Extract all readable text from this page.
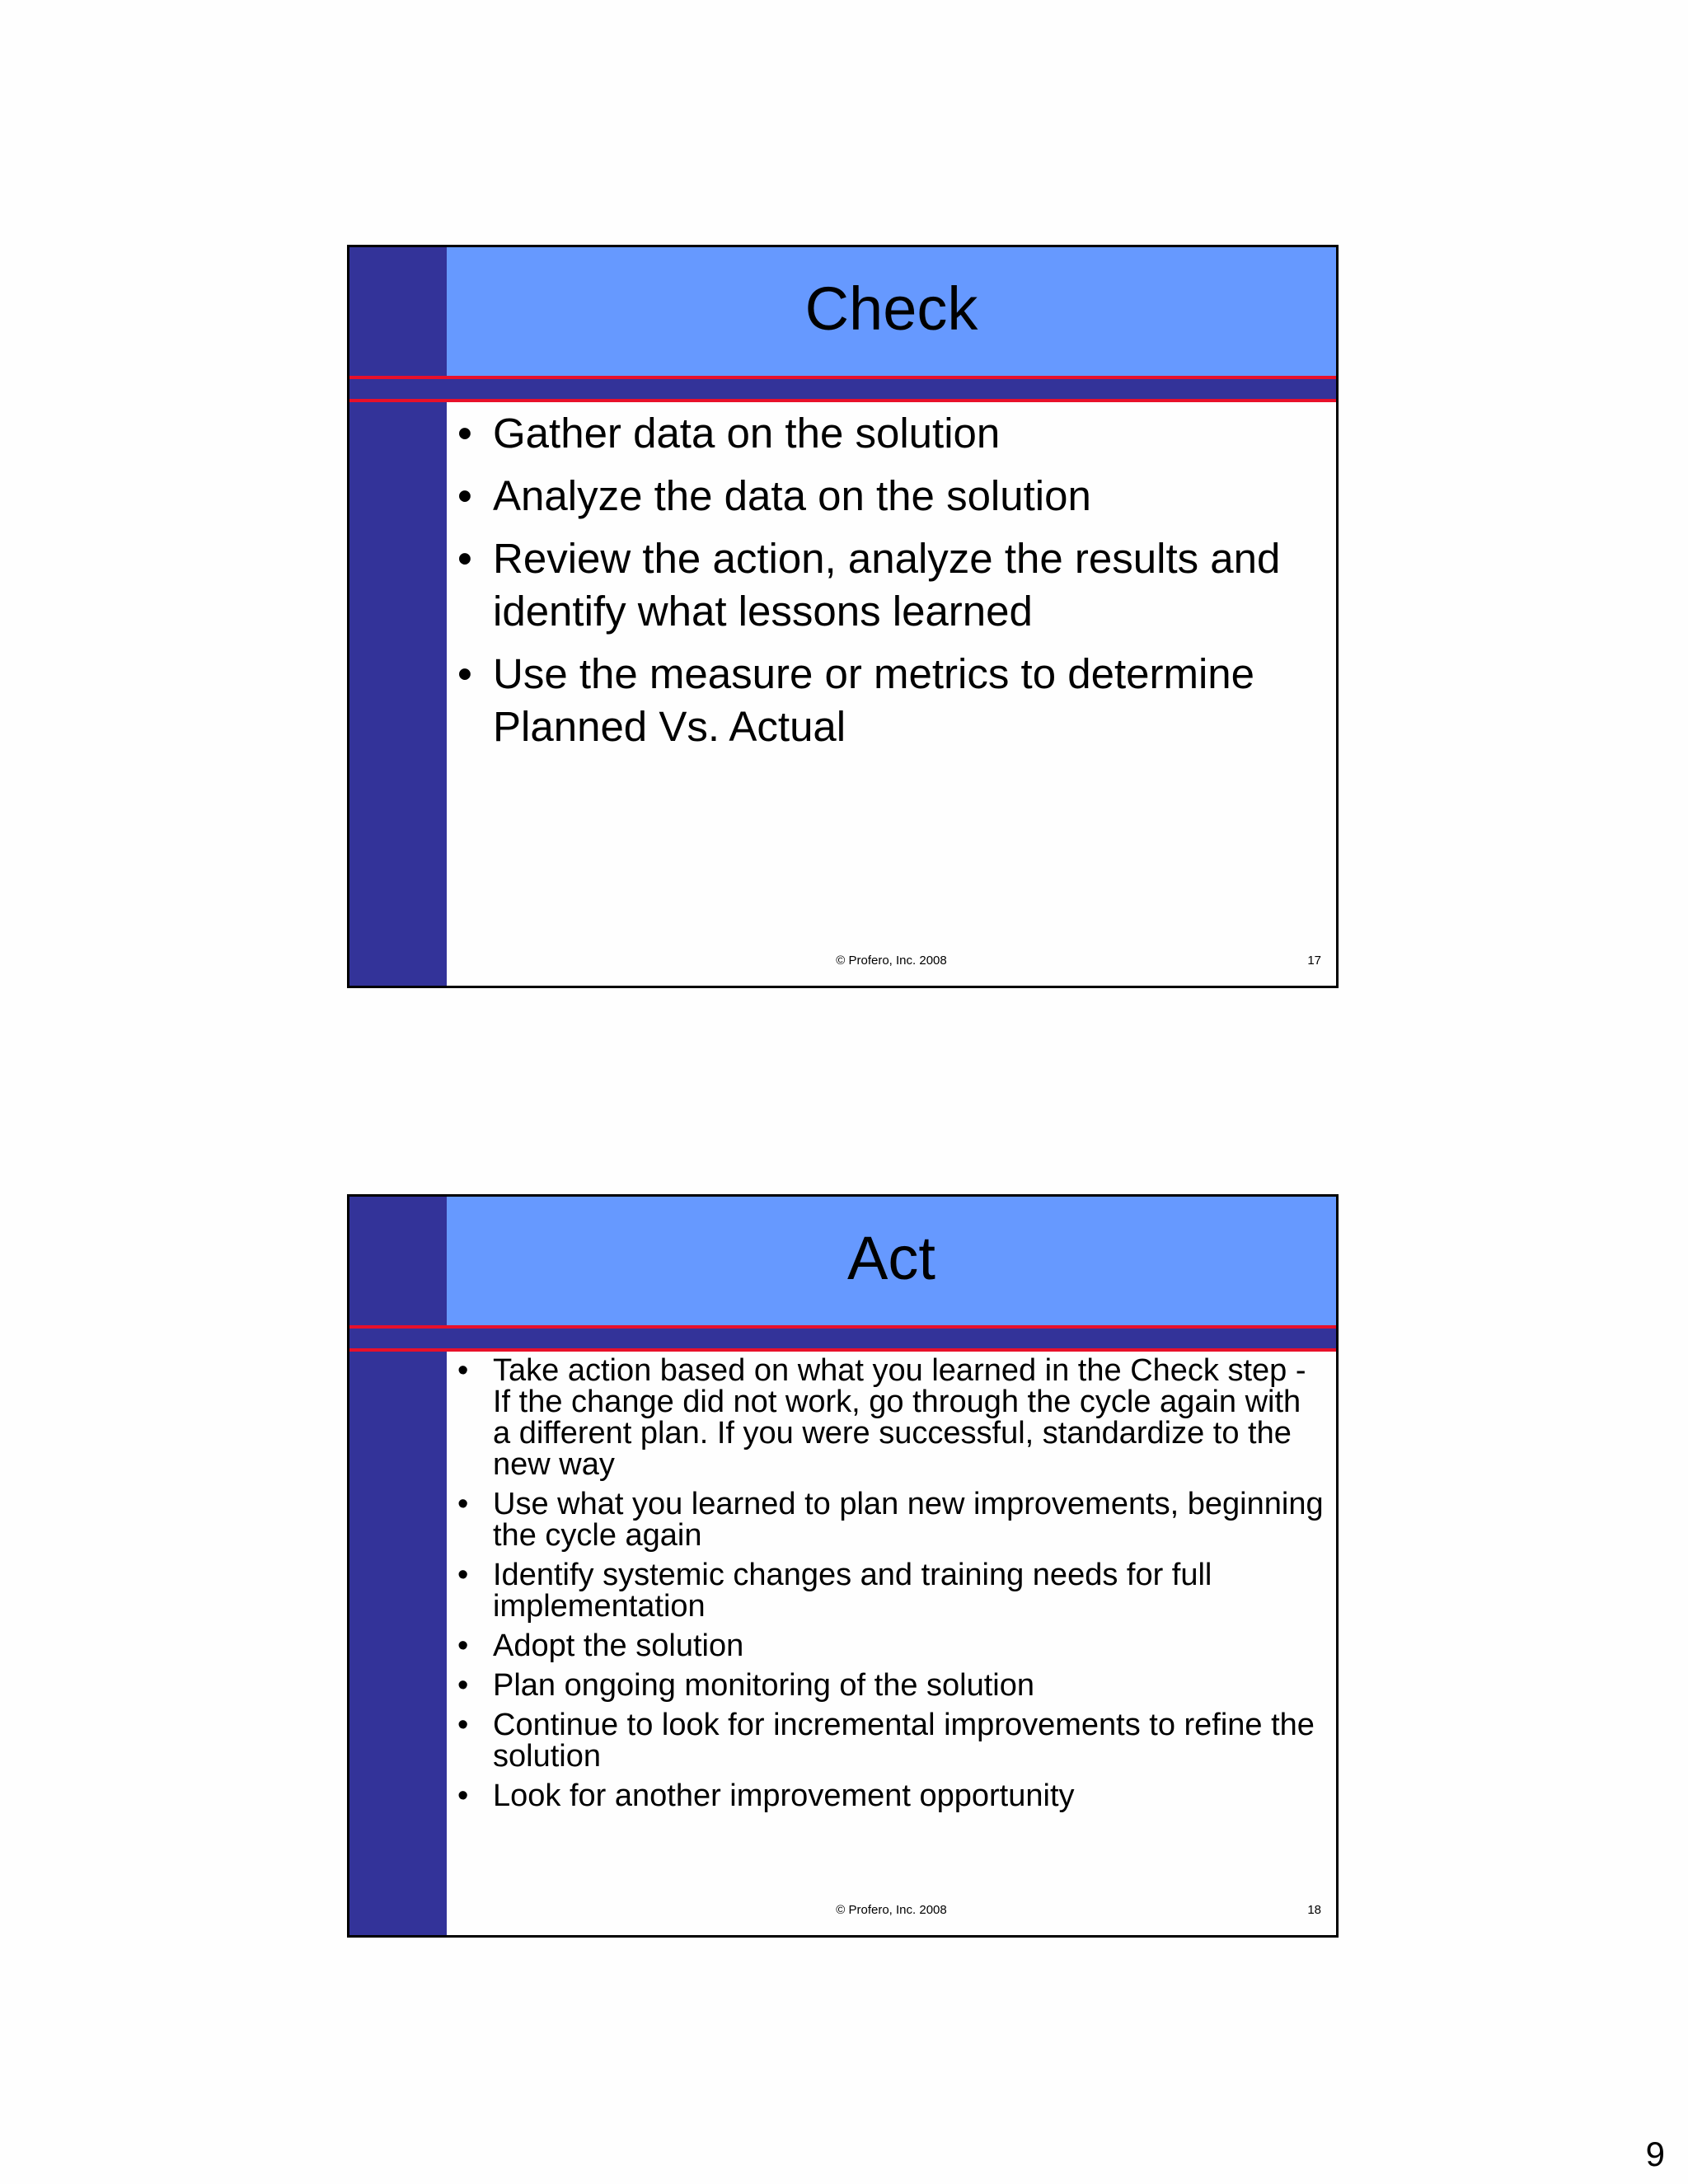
Check
• Gather data on the solution
• Analyze the data on the solution
• Review the action, analyze the results and identify what lessons learned
• Use the measure or metrics to determine Planned Vs. Actual
© Profero, Inc. 2008	17
Act
• Take action based on what you learned in the Check step - If the change did not work, go through the cycle again with a different plan. If you were successful, standardize to the new way
• Use what you learned to plan new improvements, beginning the cycle again
• Identify systemic changes and training needs for full implementation
• Adopt the solution
• Plan ongoing monitoring of the solution
• Continue to look for incremental improvements to refine the solution
• Look for another improvement opportunity
© Profero, Inc. 2008	18
9
